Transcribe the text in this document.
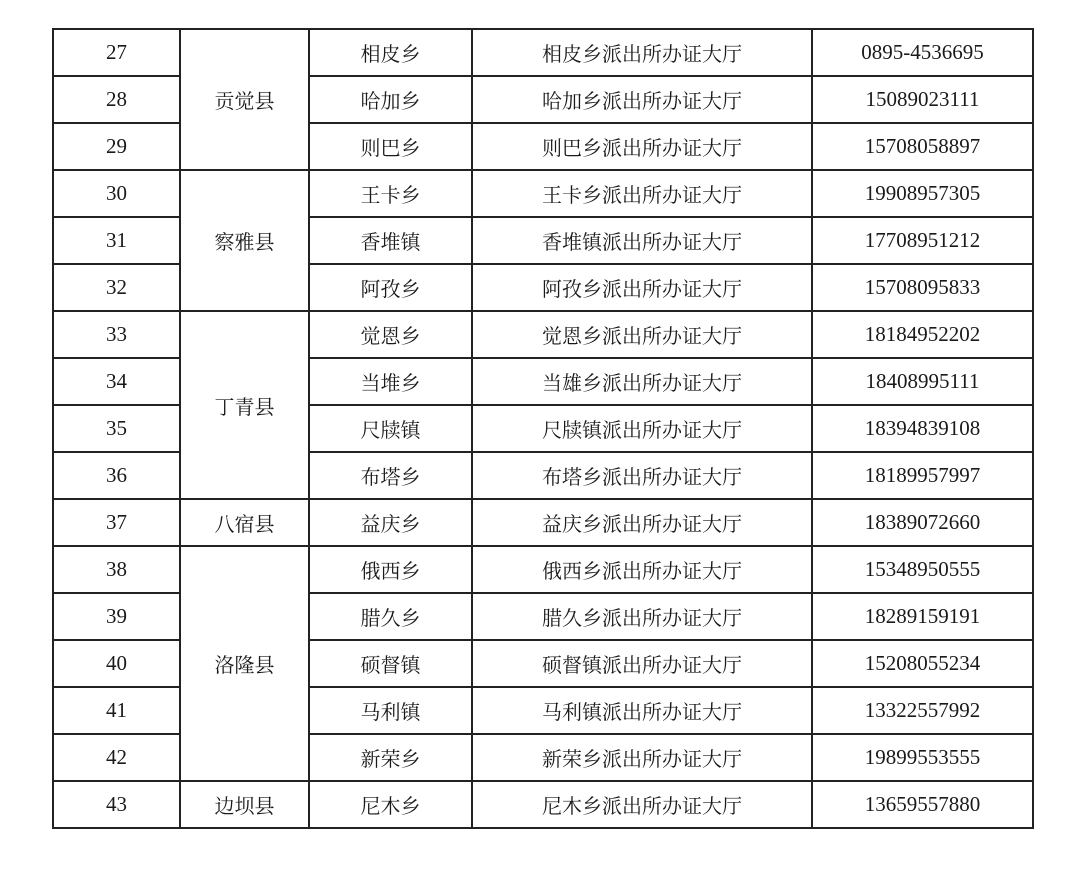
27	贡觉县	相皮乡	相皮乡派出所办证大厅	0895-4536695
28		哈加乡	哈加乡派出所办证大厅	15089023111
29		则巴乡	则巴乡派出所办证大厅	15708058897
30	察雅县	王卡乡	王卡乡派出所办证大厅	19908957305
31		香堆镇	香堆镇派出所办证大厅	17708951212
32		阿孜乡	阿孜乡派出所办证大厅	15708095833
33	丁青县	觉恩乡	觉恩乡派出所办证大厅	18184952202
34		当堆乡	当雄乡派出所办证大厅	18408995111
35		尺牍镇	尺牍镇派出所办证大厅	18394839108
36		布塔乡	布塔乡派出所办证大厅	18189957997
37	八宿县	益庆乡	益庆乡派出所办证大厅	18389072660
38	洛隆县	俄西乡	俄西乡派出所办证大厅	15348950555
39		腊久乡	腊久乡派出所办证大厅	18289159191
40		硕督镇	硕督镇派出所办证大厅	15208055234
41		马利镇	马利镇派出所办证大厅	13322557992
42		新荣乡	新荣乡派出所办证大厅	19899553555
43	边坝县	尼木乡	尼木乡派出所办证大厅	13659557880
